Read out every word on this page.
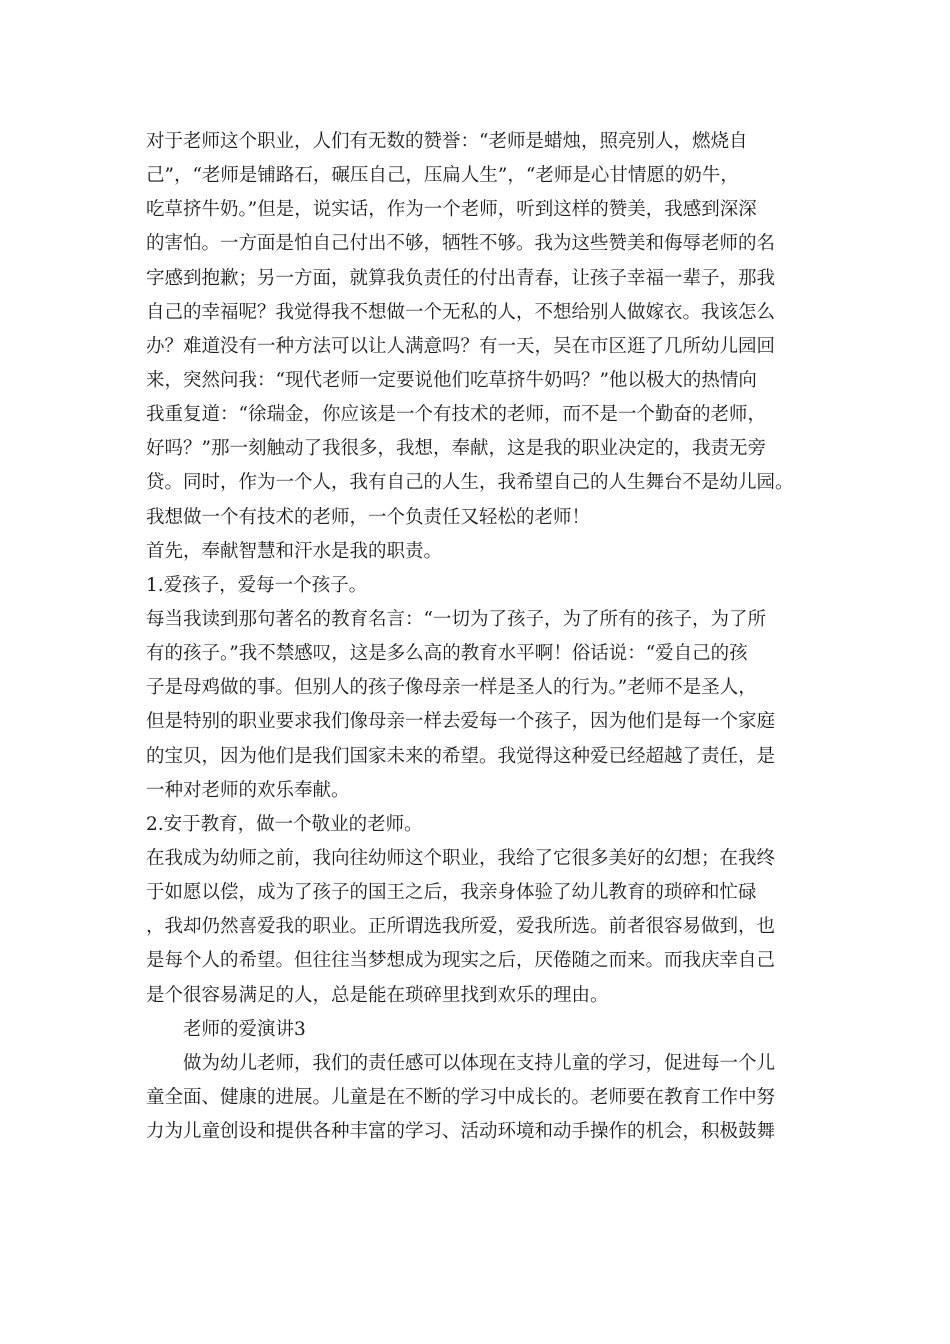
对于老师这个职业，人们有无数的赞誉：“老师是蜡烛，照亮别人，燃烧自
己”，“老师是铺路石，碾压自己，压扁人生”，“老师是心甘情愿的奶牛，
吃草挤牛奶。”但是，说实话，作为一个老师，听到这样的赞美，我感到深深
的害怕。一方面是怕自己付出不够，牺牲不够。我为这些赞美和侮辱老师的名
字感到抱歉；另一方面，就算我负责任的付出青春，让孩子幸福一辈子，那我
自己的幸福呢？我觉得我不想做一个无私的人，不想给别人做嫁衣。我该怎么
办？难道没有一种方法可以让人满意吗？有一天，吴在市区逛了几所幼儿园回
来，突然问我：“现代老师一定要说他们吃草挤牛奶吗？”他以极大的热情向
我重复道：“徐瑞金，你应该是一个有技术的老师，而不是一个勤奋的老师，
好吗？”那一刻触动了我很多，我想，奉献，这是我的职业决定的，我责无旁
贷。同时，作为一个人，我有自己的人生，我希望自己的人生舞台不是幼儿园。
我想做一个有技术的老师，一个负责任又轻松的老师！
首先，奉献智慧和汗水是我的职责。
1.爱孩子，爱每一个孩子。
每当我读到那句著名的教育名言：“一切为了孩子，为了所有的孩子，为了所
有的孩子。”我不禁感叹，这是多么高的教育水平啊！俗话说：“爱自己的孩
子是母鸡做的事。但别人的孩子像母亲一样是圣人的行为。”老师不是圣人，
但是特别的职业要求我们像母亲一样去爱每一个孩子，因为他们是每一个家庭
的宝贝，因为他们是我们国家未来的希望。我觉得这种爱已经超越了责任，是
一种对老师的欢乐奉献。
2.安于教育，做一个敬业的老师。
在我成为幼师之前，我向往幼师这个职业，我给了它很多美好的幻想；在我终
于如愿以偿，成为了孩子的国王之后，我亲身体验了幼儿教育的琐碎和忙碌
，我却仍然喜爱我的职业。正所谓选我所爱，爱我所选。前者很容易做到，也
是每个人的希望。但往往当梦想成为现实之后，厌倦随之而来。而我庆幸自己
是个很容易满足的人，总是能在琐碎里找到欢乐的理由。
老师的爱演讲3
做为幼儿老师，我们的责任感可以体现在支持儿童的学习，促进每一个儿
童全面、健康的进展。儿童是在不断的学习中成长的。老师要在教育工作中努
力为儿童创设和提供各种丰富的学习、活动环境和动手操作的机会，积极鼓舞
